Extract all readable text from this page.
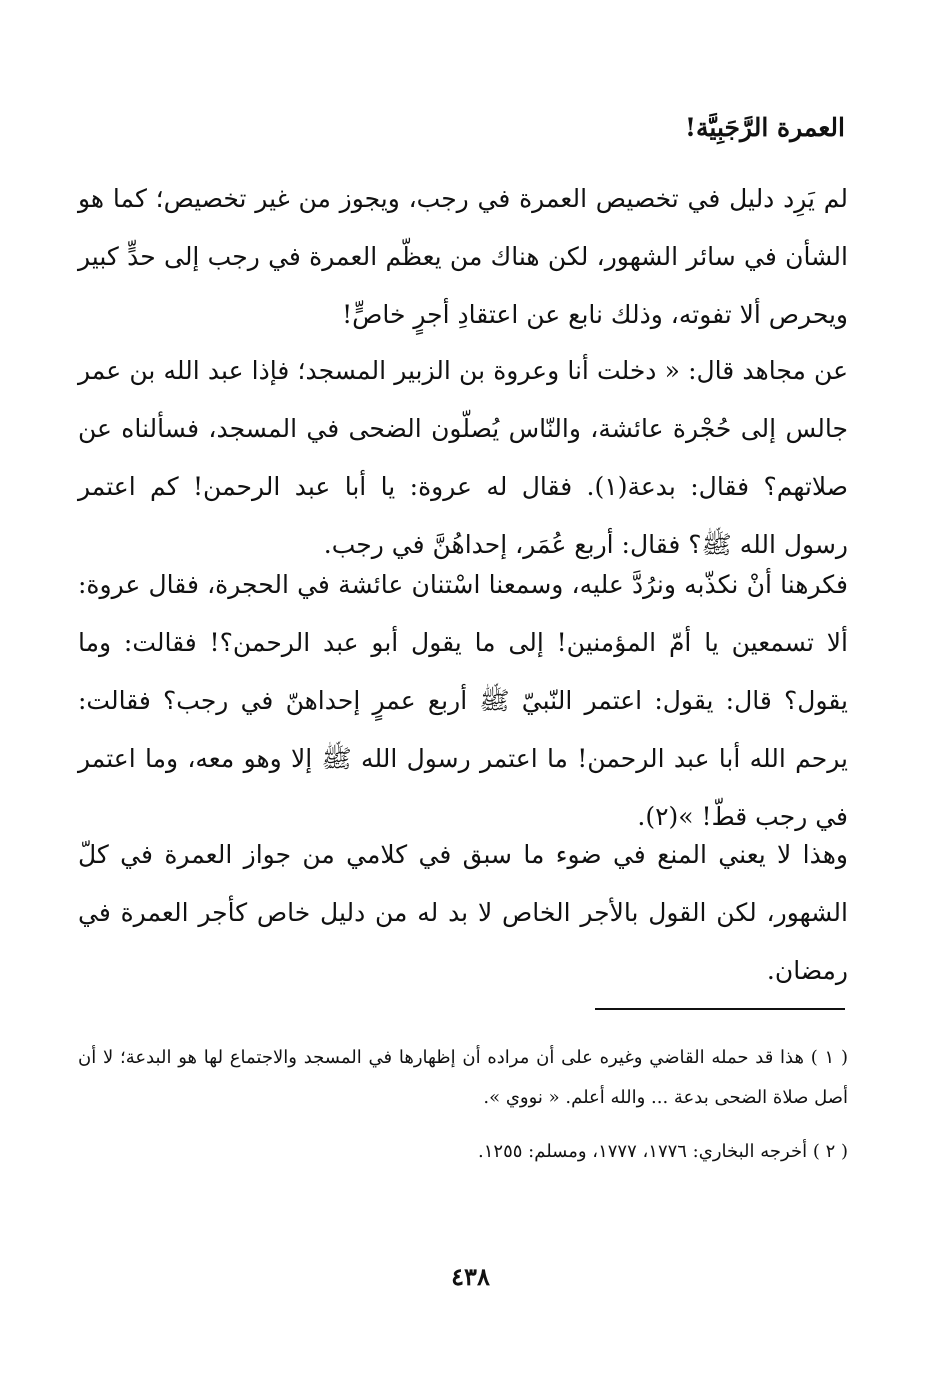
العمرة الرَّجَبِيَّة!

لم يَرِد دليل في تخصيص العمرة في رجب، ويجوز من غير تخصيص؛ كما هو الشأن في سائر الشهور، لكن هناك من يعظّم العمرة في رجب إلى حدٍّ كبير ويحرص ألا تفوته، وذلك نابع عن اعتقادِ أجرٍ خاصٍّ!

عن مجاهد قال: « دخلت أنا وعروة بن الزبير المسجد؛ فإذا عبد الله بن عمر جالس إلى حُجْرة عائشة، والنّاس يُصلّون الضحى في المسجد، فسألناه عن صلاتهم؟ فقال: بدعة(١). فقال له عروة: يا أبا عبد الرحمن! كم اعتمر رسول الله ﷺ؟ فقال: أربع عُمَر، إحداهُنَّ في رجب.

فكرهنا أنْ نكذّبه ونرُدَّ عليه، وسمعنا اسْتنان عائشة في الحجرة، فقال عروة: ألا تسمعين يا أمّ المؤمنين! إلى ما يقول أبو عبد الرحمن؟! فقالت: وما يقول؟ قال: يقول: اعتمر النّبيّ ﷺ أربع عمرٍ إحداهنّ في رجب؟ فقالت: يرحم الله أبا عبد الرحمن! ما اعتمر رسول الله ﷺ إلا وهو معه، وما اعتمر في رجب قطّ! »(٢).

وهذا لا يعني المنع في ضوء ما سبق في كلامي من جواز العمرة في كلّ الشهور، لكن القول بالأجر الخاص لا بد له من دليل خاص كأجر العمرة في رمضان.

( ١ ) هذا قد حمله القاضي وغيره على أن مراده أن إظهارها في المسجد والاجتماع لها هو البدعة؛ لا أن أصل صلاة الضحى بدعة ... والله أعلم. « نووي ».

( ٢ ) أخرجه البخاري: ١٧٧٦، ١٧٧٧، ومسلم: ١٢٥٥.

٤٣٨
